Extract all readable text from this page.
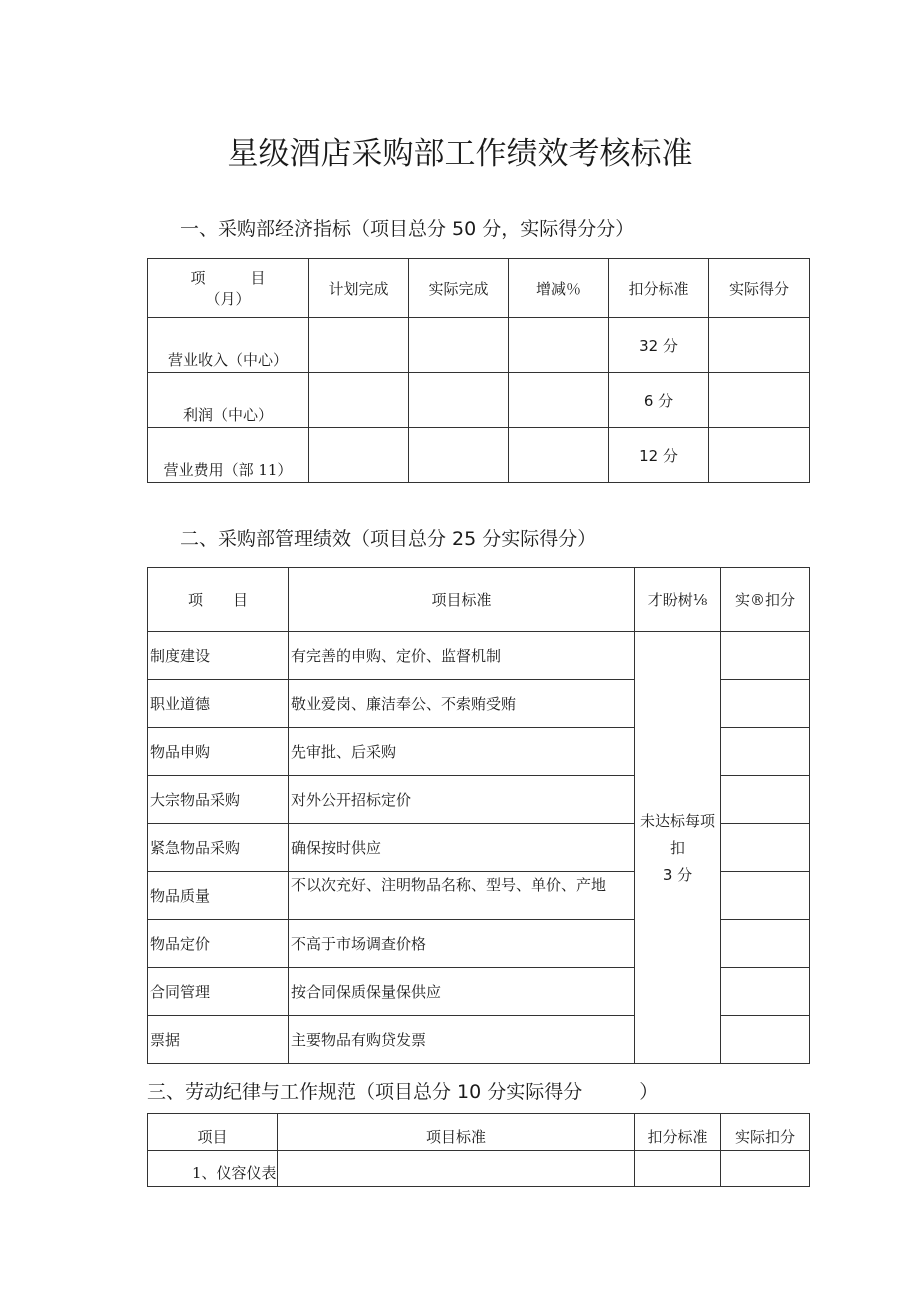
星级酒店采购部工作绩效考核标准
一、采购部经济指标（项目总分 50 分，实际得分分）
项　　　目
（月）	计划完成	实际完成	增减％	扣分标准	实际得分
营业收入（中心）				32 分	
利润（中心）				6 分	
营业费用（部 11）				12 分	
二、采购部管理绩效（项目总分 25 分实际得分）
项　　目	项目标准	才盼树⅛	实®扣分
制度建设	有完善的申购、定价、监督机制	未达标每项
扣
3 分	

职业道德	敬业爱岗、廉洁奉公、不索贿受贿		
物品申购	先审批、后采购		
大宗物品采购	对外公开招标定价		
紧急物品采购	确保按时供应		
物品质量	不以次充好、注明物品名称、型号、单价、产地		
物品定价	不高于市场调查价格		
合同管理	按合同保质保量保供应		
票据	主要物品有购贷发票		
三、劳动纪律与工作规范（项目总分 10 分实际得分　　　）
项目	项目标准	扣分标准	实际扣分
1、仪容仪表			
